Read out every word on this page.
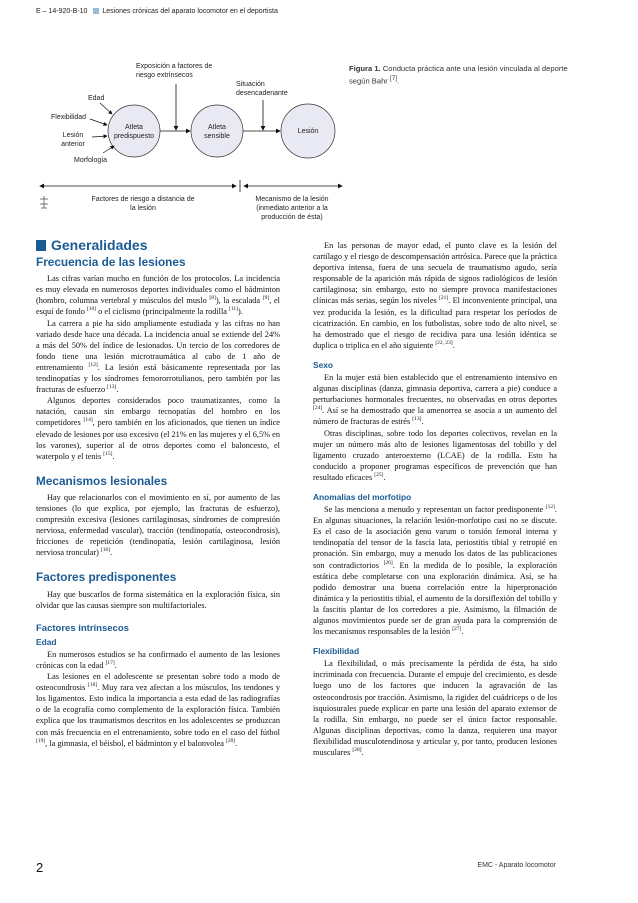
E – 14-920-B-10 Lesiones crónicas del aparato locomotor en el deportista
Atleta
predispuesto
Atleta
sensible
Lesión
Edad
Flexibilidad
Lesión
anterior
Morfología
Exposición a factores de
riesgo extrínsecos
Situación
desencadenante
Factores de riesgo a distancia de
la lesión
Mecanismo de la lesión
(inmediato anterior a la
producción de ésta)
Figura 1. Conducta práctica ante una lesión vinculada al deporte según Bahr [7].
Generalidades
Frecuencia de las lesiones

Las cifras varían mucho en función de los protocolos. La incidencia es muy elevada en numerosos deportes individuales como el bádminton (hombro, columna vertebral y músculos del muslo [8]), la escalada [9], el esquí de fondo [10] o el ciclismo (principalmente la rodilla [11]).

La carrera a pie ha sido ampliamente estudiada y las cifras no han variado desde hace una década. La incidencia anual se extiende del 24% a más del 50% del índice de lesionados. Un tercio de los corredores de fondo tiene una lesión microtraumática al cabo de 1 año de entrenamiento [12]. La lesión está básicamente representada por las tendinopatías y los síndromes femororrotulianos, pero también por las fracturas de esfuerzo [13].

Algunos deportes considerados poco traumatizantes, como la natación, causan sin embargo tecnopatías del hombro en los competidores [14], pero también en los aficionados, que tienen un índice elevado de lesiones por uso excesivo (el 21% en las mujeres y el 6,5% en los varones), superior al de otros deportes como el baloncesto, el waterpolo y el tenis [15].

Mecanismos lesionales

Hay que relacionarlos con el movimiento en sí, por aumento de las tensiones (lo que explica, por ejemplo, las fracturas de esfuerzo), compresión excesiva (lesiones cartilaginosas, síndromes de compresión nerviosa, enfermedad vascular), tracción (tendinopatía, osteocondrosis), fricciones de repetición (tendinopatía, lesión cartilaginosa, lesión nerviosa troncular) [16].

Factores predisponentes

Hay que buscarlos de forma sistemática en la exploración física, sin olvidar que las causas siempre son multifactoriales.

Factores intrínsecos
Edad

En numerosos estudios se ha confirmado el aumento de las lesiones crónicas con la edad [17].

Las lesiones en el adolescente se presentan sobre todo a modo de osteocondrosis [18]. Muy rara vez afectan a los músculos, los tendones y los ligamentos. Esto indica la importancia a esta edad de las radiografías o de la ecografía como complemento de la exploración física. También explica que los traumatismos descritos en los adolescentes se produzcan con más frecuencia en el entrenamiento, sobre todo en el caso del fútbol [19], la gimnasia, el béisbol, el bádminton y el balonvolea [20].

En las personas de mayor edad, el punto clave es la lesión del cartílago y el riesgo de descompensación artrósica. Parece que la práctica deportiva intensa, fuera de una secuela de traumatismo agudo, sería responsable de la aparición más rápida de signos radiológicos de lesión cartilaginosa; sin embargo, esto no siempre provoca manifestaciones clínicas más serias, según los niveles [21]. El inconveniente principal, una vez producida la lesión, es la dificultad para respetar los períodos de cicatrización. En cambio, en los futbolistas, sobre todo de alto nivel, se ha demostrado que el riesgo de recidiva para una lesión idéntica se duplica o triplica en el año siguiente [22, 23].

Sexo

En la mujer está bien establecido que el entrenamiento intensivo en algunas disciplinas (danza, gimnasia deportiva, carrera a pie) conduce a perturbaciones hormonales frecuentes, no observadas en otros deportes [24]. Así se ha demostrado que la amenorrea se asocia a un aumento del número de fracturas de estrés [13].

Otras disciplinas, sobre todo los deportes colectivos, revelan en la mujer un número más alto de lesiones ligamentosas del tobillo y del ligamento cruzado anteroexterno (LCAE) de la rodilla. Esto ha conducido a proponer programas específicos de prevención que han resultado eficaces [25].

Anomalías del morfotipo

Se las menciona a menudo y representan un factor predisponente [12]. En algunas situaciones, la relación lesión-morfotipo casi no se discute. Es el caso de la asociación genu varum o torsión femoral interna y tendinopatía del tensor de la fascia lata, periostitis tibial y retropié en pronación. Sin embargo, muy a menudo los datos de las publicaciones son contradictorios [26]. En la medida de lo posible, la exploración estática debe completarse con una exploración dinámica. Así, se ha podido demostrar una buena correlación entre la hiperpronación dinámica y la periostitis tibial, el aumento de la dorsiflexión del tobillo y la fascitis plantar de los corredores a pie. Asimismo, la filmación de algunos movimientos puede ser de gran ayuda para la comprensión de los mecanismos responsables de la lesión [27].

Flexibilidad

La flexibilidad, o más precisamente la pérdida de ésta, ha sido incriminada con frecuencia. Durante el empuje del crecimiento, es desde luego uno de los factores que inducen la agravación de las osteocondrosis por tracción. Asimismo, la rigidez del cuádriceps o de los isquiosurales puede explicar en parte una lesión del aparato extensor de la rodilla. Sin embargo, no puede ser el único factor responsable. Algunas disciplinas deportivas, como la danza, requieren una mayor flexibilidad musculotendinosa y articular y, por tanto, producen lesiones musculares [28].

2	EMC - Aparato locomotor
